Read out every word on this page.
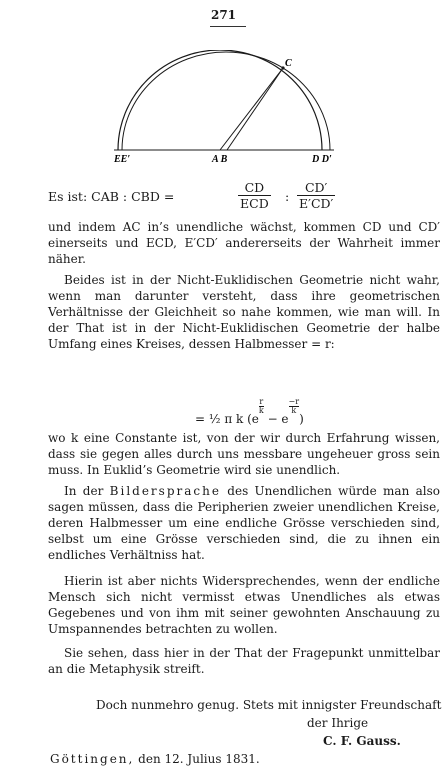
271
C
EE′	A B	D D′
Es ist: CAB : CBD =
CD
ECD : $\frac{CD'}{E'CD'}$

und indem AC in’s unendliche wächst, kommen CD und CD′ einerseits und ECD, E′CD′ andererseits der Wahrheit immer näher.

Beides ist in der Nicht-Euklidischen Geometrie nicht wahr, wenn man darunter versteht, dass ihre geometrischen Verhältnisse der Gleichheit so nahe kommen, wie man will. In der That ist in der Nicht-Euklidischen Geometrie der halbe Umfang eines Kreises, dessen Halbmesser = r:

= ½ π k (e
$\frac{r}{k}$
− e
$\frac{-r}{k}$
)

wo k eine Constante ist, von der wir durch Erfahrung wissen, dass sie gegen alles durch uns messbare ungeheuer gross sein muss. In Euklid’s Geometrie wird sie unendlich.

In der Bildersprache des Unendlichen würde man also sagen müssen, dass die Peripherien zweier unendlichen Kreise, deren Halbmesser um eine endliche Grösse verschieden sind, selbst um eine Grösse verschieden sind, die zu ihnen ein endliches Verhältniss hat.

Hierin ist aber nichts Widersprechendes, wenn der endliche Mensch sich nicht vermisst etwas Unendliches als etwas Gegebenes und von ihm mit seiner gewohnten Anschauung zu Umspannendes betrachten zu wollen.

Sie sehen, dass hier in der That der Fragepunkt unmittelbar an die Metaphysik streift.

Doch nunmehro genug. Stets mit innigster Freundschaft
der Ihrige
C. F. Gauss.
Göttingen, den 12. Julius 1831.
